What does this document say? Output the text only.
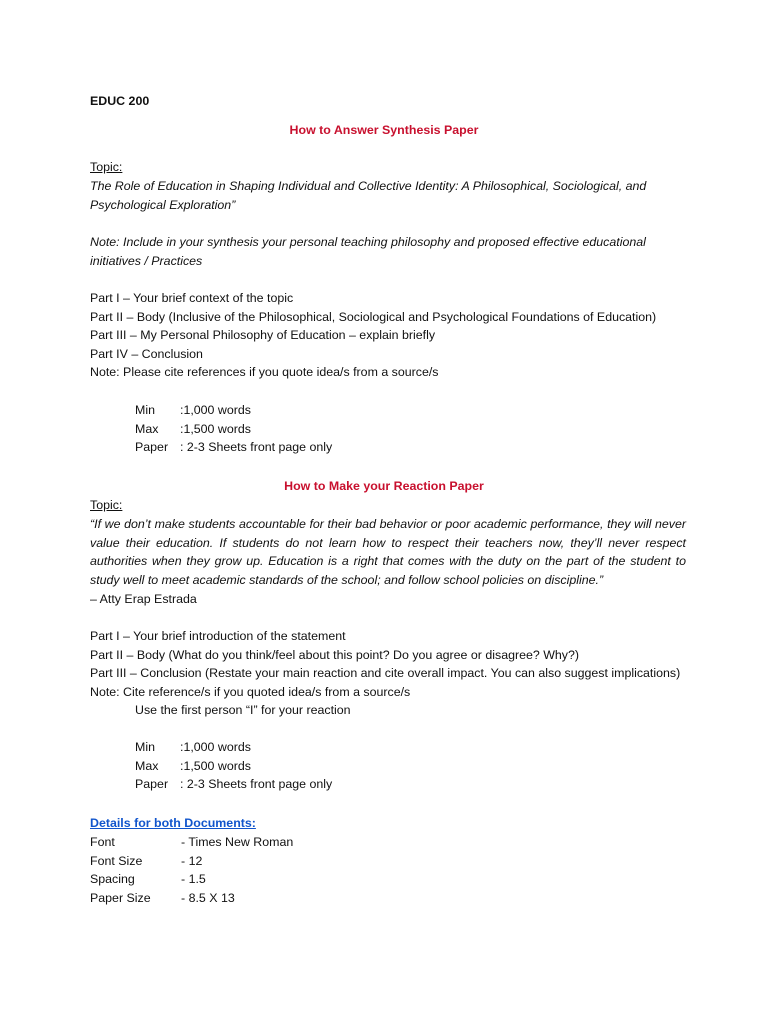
EDUC 200

How to Answer Synthesis Paper

Topic:

The Role of Education in Shaping Individual and Collective Identity: A Philosophical, Sociological, and Psychological Exploration”

Note: Include in your synthesis your personal teaching philosophy and proposed effective educational initiatives / Practices

Part I – Your brief context of the topic
Part II – Body (Inclusive of the Philosophical, Sociological and Psychological Foundations of Education)
Part III – My Personal Philosophy of Education – explain briefly
Part IV – Conclusion
Note: Please cite references if you quote idea/s from a source/s
Min	:1,000 words
Max	:1,500 words
Paper : 2-3 Sheets front page only

How to Make your Reaction Paper

Topic:

“If we don’t make students accountable for their bad behavior or poor academic performance, they will never value their education. If students do not learn how to respect their teachers now, they’ll never respect authorities when they grow up. Education is a right that comes with the duty on the part of the student to study well to meet academic standards of the school; and follow school policies on discipline.”

– Atty Erap Estrada

Part I – Your brief introduction of the statement
Part II – Body (What do you think/feel about this point? Do you agree or disagree? Why?)
Part III – Conclusion (Restate your main reaction and cite overall impact. You can also suggest implications)
Note: Cite reference/s if you quoted idea/s from a source/s
Use the first person “I” for your reaction
Min	:1,000 words
Max	:1,500 words
Paper : 2-3 Sheets front page only

Details for both Documents:

Font	- Times New Roman
Font Size	- 12
Spacing	- 1.5
Paper Size	- 8.5 X 13
